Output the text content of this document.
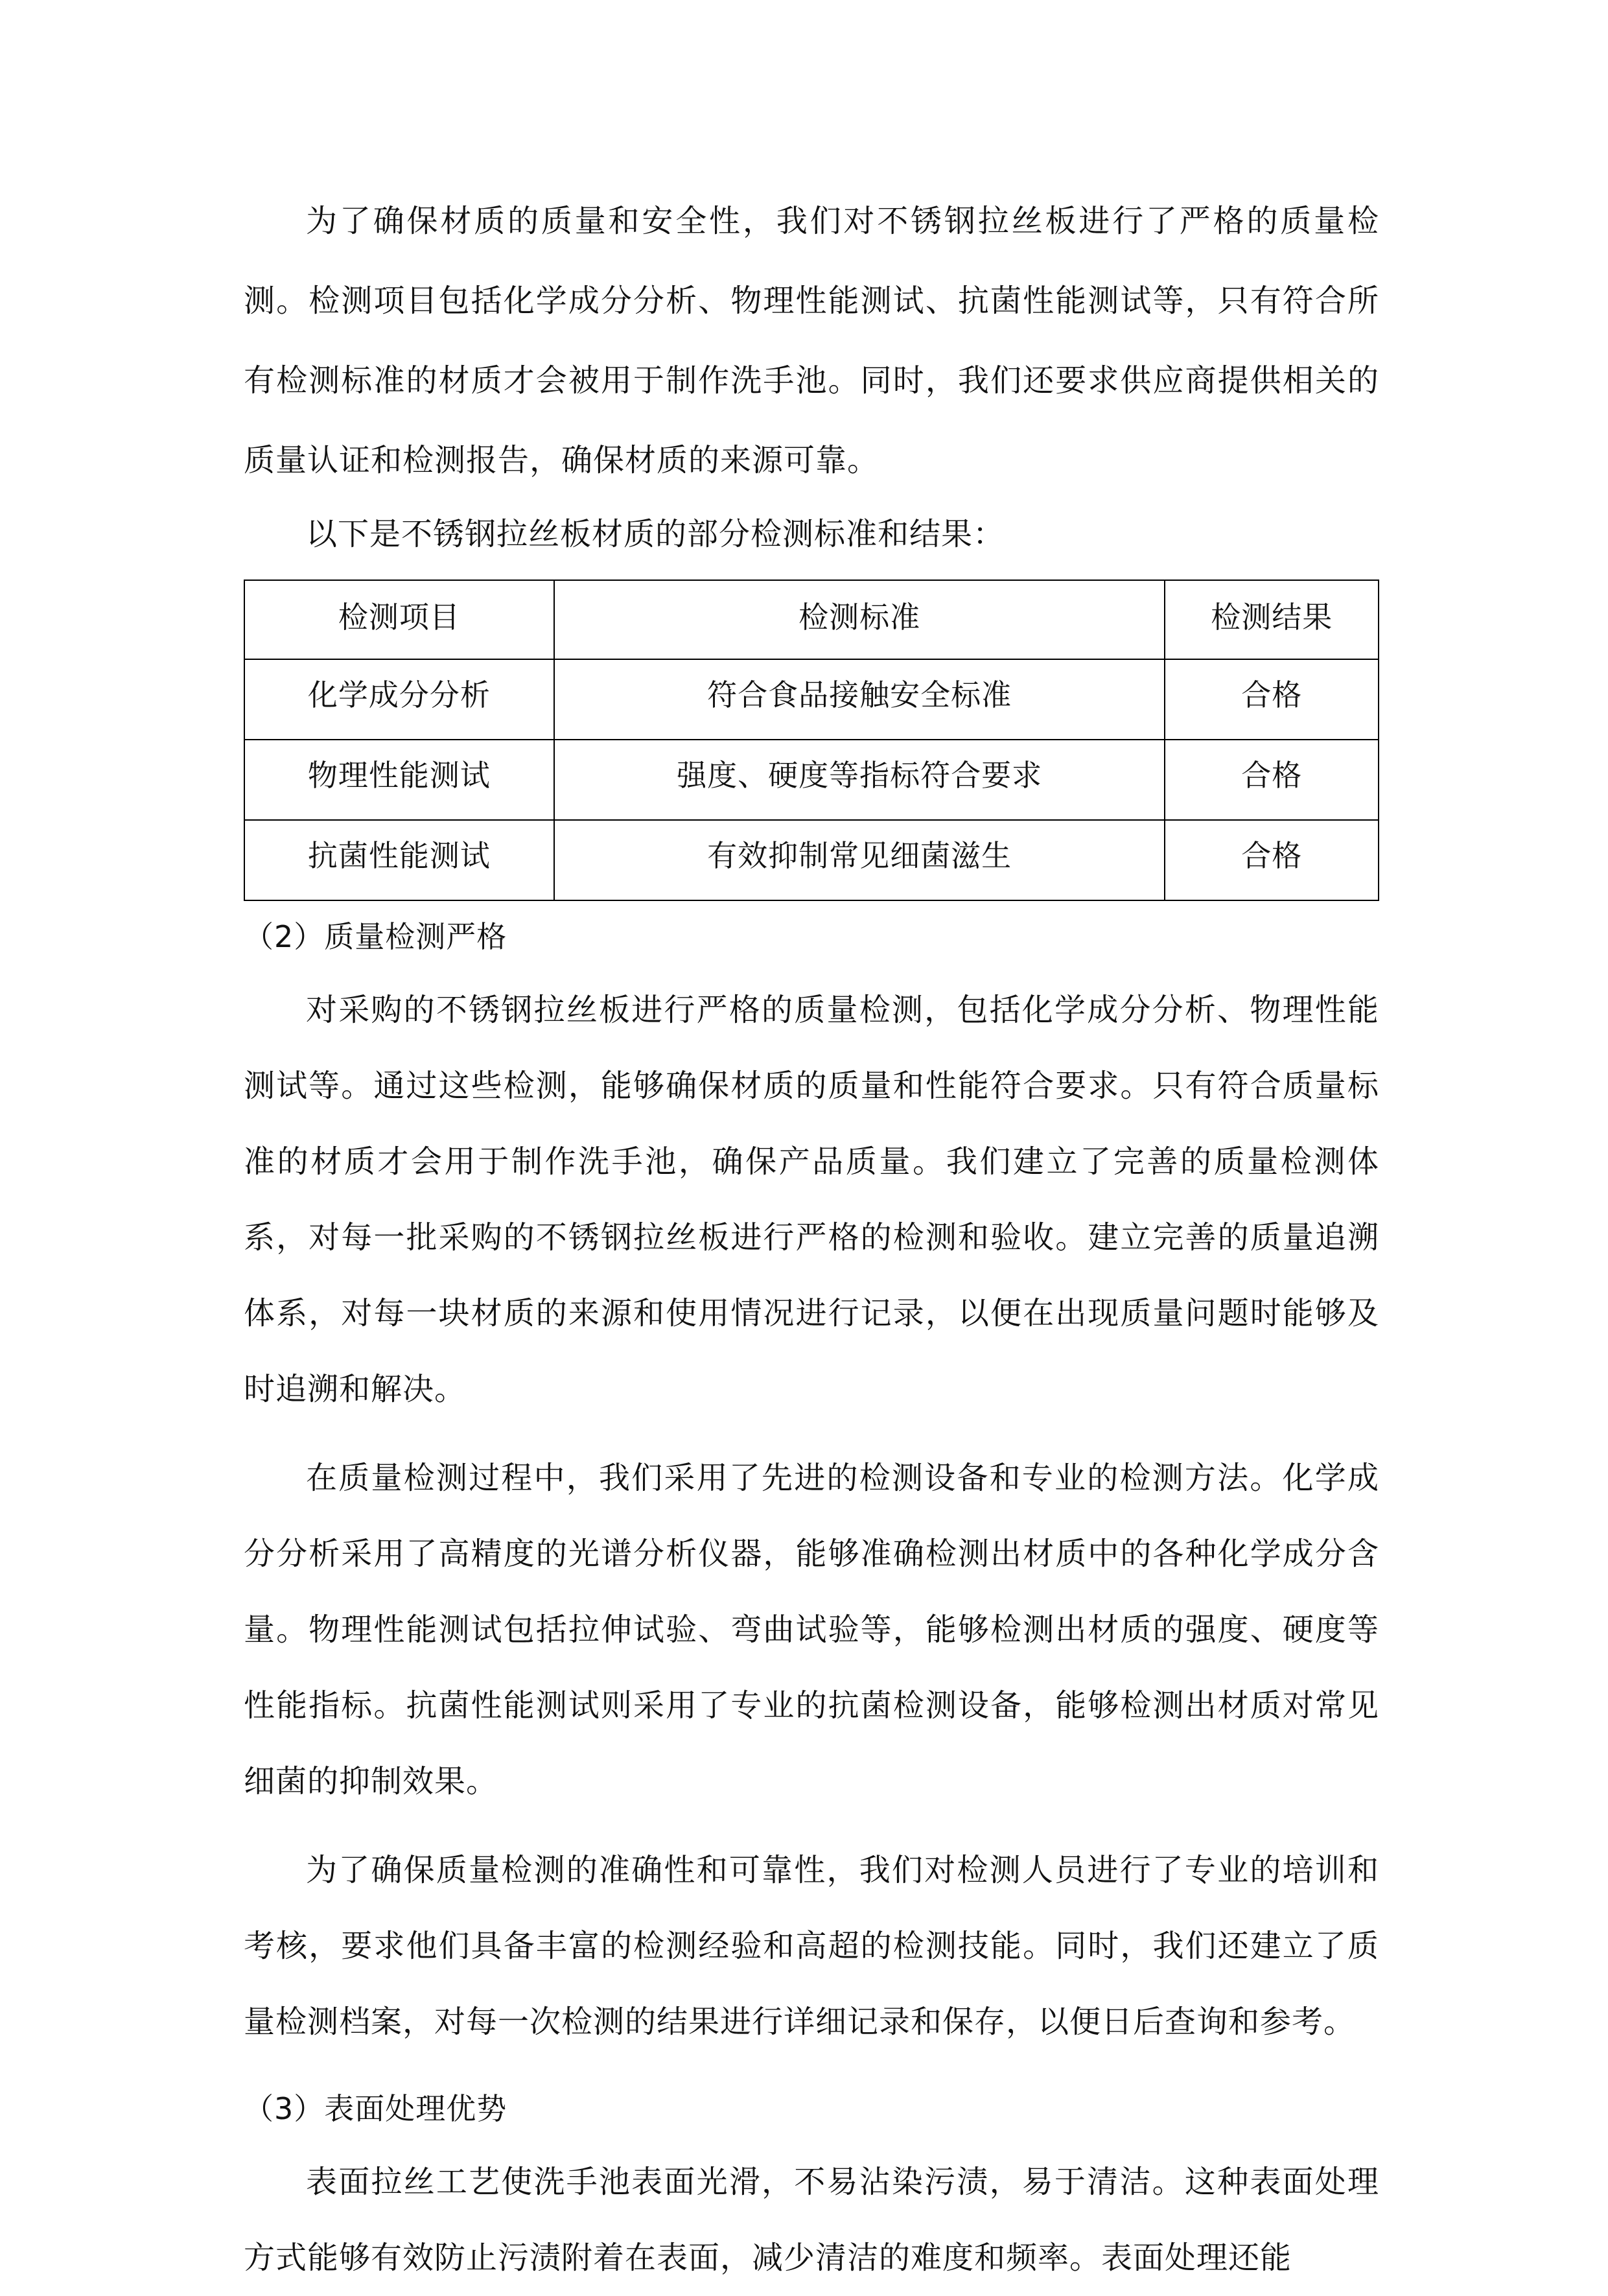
为了确保材质的质量和安全性，我们对不锈钢拉丝板进行了严格的质量检测。检测项目包括化学成分分析、物理性能测试、抗菌性能测试等，只有符合所有检测标准的材质才会被用于制作洗手池。同时，我们还要求供应商提供相关的质量认证和检测报告，确保材质的来源可靠。

以下是不锈钢拉丝板材质的部分检测标准和结果：

检测项目	检测标准	检测结果
化学成分分析	符合食品接触安全标准	合格
物理性能测试	强度、硬度等指标符合要求	合格
抗菌性能测试	有效抑制常见细菌滋生	合格

（2）质量检测严格

对采购的不锈钢拉丝板进行严格的质量检测，包括化学成分分析、物理性能测试等。通过这些检测，能够确保材质的质量和性能符合要求。只有符合质量标准的材质才会用于制作洗手池，确保产品质量。我们建立了完善的质量检测体系，对每一批采购的不锈钢拉丝板进行严格的检测和验收。建立完善的质量追溯体系，对每一块材质的来源和使用情况进行记录，以便在出现质量问题时能够及时追溯和解决。

在质量检测过程中，我们采用了先进的检测设备和专业的检测方法。化学成分分析采用了高精度的光谱分析仪器，能够准确检测出材质中的各种化学成分含量。物理性能测试包括拉伸试验、弯曲试验等，能够检测出材质的强度、硬度等性能指标。抗菌性能测试则采用了专业的抗菌检测设备，能够检测出材质对常见细菌的抑制效果。

为了确保质量检测的准确性和可靠性，我们对检测人员进行了专业的培训和考核，要求他们具备丰富的检测经验和高超的检测技能。同时，我们还建立了质量检测档案，对每一次检测的结果进行详细记录和保存，以便日后查询和参考。

（3）表面处理优势

表面拉丝工艺使洗手池表面光滑，不易沾染污渍，易于清洁。这种表面处理方式能够有效防止污渍附着在表面，减少清洁的难度和频率。表面处理还能
